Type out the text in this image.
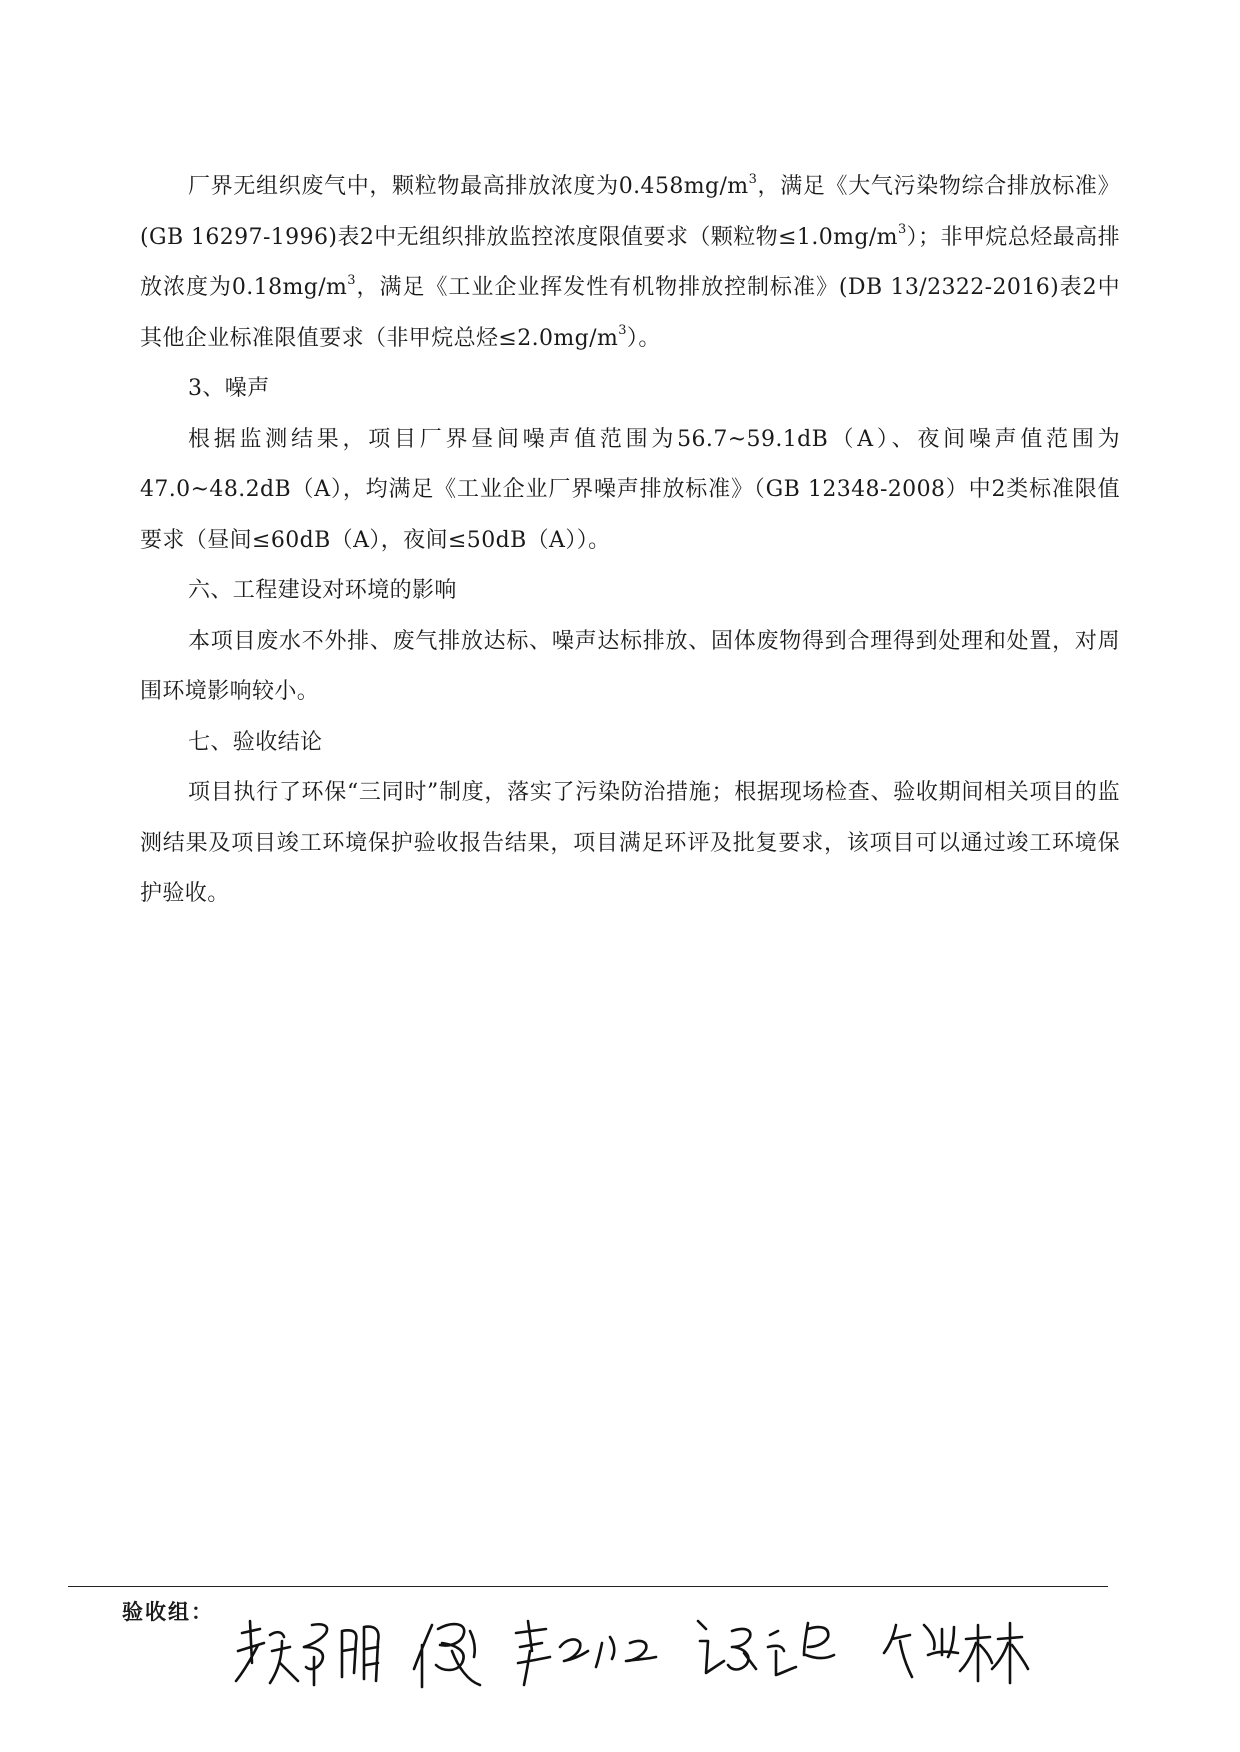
厂界无组织废气中，颗粒物最高排放浓度为$0.458mg/m^3$，满足《大气污染物综合排放标准》(GB 16297-1996)表2中无组织排放监控浓度限值要求（颗粒物$\le 1.0mg/m^3$）；非甲烷总烃最高排放浓度为$0.18mg/m^3$，满足《工业企业挥发性有机物排放控制标准》(DB 13/2322-2016)表2中其他企业标准限值要求（非甲烷总烃$\le 2.0mg/m^3$）。

3、噪声

根据监测结果，项目厂界昼间噪声值范围为56.7~59.1dB（A）、夜间噪声值范围为47.0~48.2dB（A），均满足《工业企业厂界噪声排放标准》（GB 12348-2008）中2类标准限值要求（昼间≤60dB（A），夜间≤50dB（A））。

六、工程建设对环境的影响

本项目废水不外排、废气排放达标、噪声达标排放、固体废物得到合理得到处理和处置，对周围环境影响较小。

七、验收结论

项目执行了环保“三同时”制度，落实了污染防治措施；根据现场检查、验收期间相关项目的监测结果及项目竣工环境保护验收报告结果，项目满足环评及批复要求，该项目可以通过竣工环境保护验收。

验收组：
